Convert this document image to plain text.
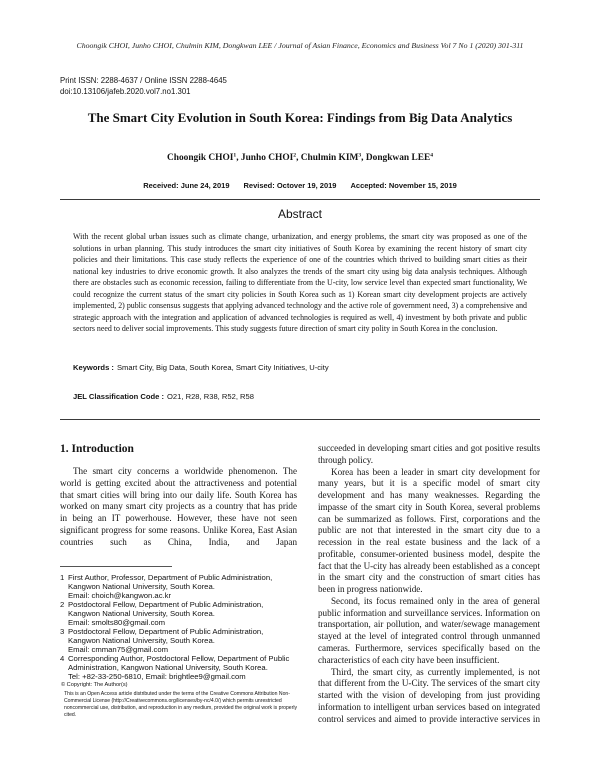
Choongik CHOI, Junho CHOI, Chulmin KIM, Dongkwan LEE / Journal of Asian Finance, Economics and Business Vol 7 No 1 (2020) 301-311
Print ISSN: 2288-4637 / Online ISSN 2288-4645
doi:10.13106/jafeb.2020.vol7.no1.301
The Smart City Evolution in South Korea: Findings from Big Data Analytics
Choongik CHOI$^1$, Junho CHOI$^2$, Chulmin KIM$^3$, Dongkwan LEE$^4$
Received: June 24, 2019 Revised: Octover 19, 2019 Accepted: November 15, 2019
Abstract

With the recent global urban issues such as climate change, urbanization, and energy problems, the smart city was proposed as one of the solutions in urban planning. This study introduces the smart city initiatives of South Korea by examining the recent history of smart city policies and their limitations. This case study reflects the experience of one of the countries which thrived to building smart cities as their national key industries to drive economic growth. It also analyzes the trends of the smart city using big data analysis techniques. Although there are obstacles such as economic recession, failing to differentiate from the U-city, low service level than expected smart functionality, We could recognize the current status of the smart city policies in South Korea such as 1) Korean smart city development projects are actively implemented, 2) public consensus suggests that applying advanced technology and the active role of government need, 3) a comprehensive and strategic approach with the integration and application of advanced technologies is required as well, 4) investment by both private and public sectors need to deliver social improvements. This study suggests future direction of smart city polity in South Korea in the conclusion.

Keywords : Smart City, Big Data, South Korea, Smart City Initiatives, U-city
JEL Classification Code : O21, R28, R38, R52, R58
1. Introduction

The smart city concerns a worldwide phenomenon. The world is getting excited about the attractiveness and potential that smart cities will bring into our daily life. South Korea has worked on many smart city projects as a country that has pride in being an IT powerhouse. However, these have not seen significant progress for some reasons. Unlike Korea, East Asian countries such as China, India, and Japan

succeeded in developing smart cities and got positive results through policy.

Korea has been a leader in smart city development for many years, but it is a specific model of smart city development and has many weaknesses. Regarding the impasse of the smart city in South Korea, several problems can be summarized as follows. First, corporations and the public are not that interested in the smart city due to a recession in the real estate business and the lack of a profitable, consumer-oriented business model, despite the fact that the U-city has already been established as a concept in the smart city and the construction of smart cities has been in progress nationwide.

Second, its focus remained only in the area of general public information and surveillance services. Information on transportation, air pollution, and water/sewage management stayed at the level of integrated control through unmanned cameras. Furthermore, services specifically based on the characteristics of each city have been insufficient.

Third, the smart city, as currently implemented, is not that different from the U-City. The services of the smart city started with the vision of developing from just providing information to intelligent urban services based on integrated control services and aimed to provide interactive services in

1 First Author, Professor, Department of Public Administration, Kangwon National University, South Korea.
Email: choich@kangwon.ac.kr
2 Postdoctoral Fellow, Department of Public Administration, Kangwon National University, South Korea.
Email: smolts80@gmail.com
3 Postdoctoral Fellow, Department of Public Administration, Kangwon National University, South Korea.
Email: cmman75@gmail.com
4 Corresponding Author, Postdoctoral Fellow, Department of Public Administration, Kangwon National University, South Korea.
Tel: +82-33-250-6810, Email: brightlee9@gmail.com
© Copyright: The Author(s)
This is an Open Access article distributed under the terms of the Creative Commons Attribution Non-Commercial License (http://Creativecommons.org/licenses/by-nc/4.0/) which permits unrestricted noncommercial use, distribution, and reproduction in any medium, provided the original work is properly cited.
